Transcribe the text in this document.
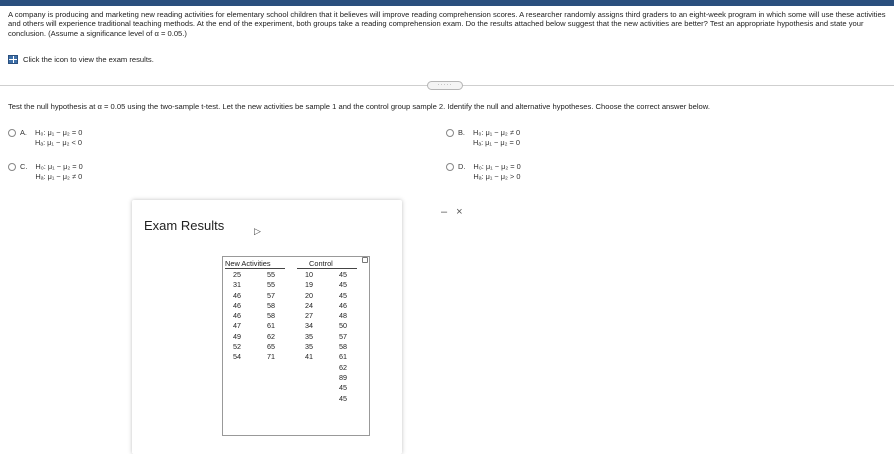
A company is producing and marketing new reading activities for elementary school children that it believes will improve reading comprehension scores. A researcher randomly assigns third graders to an eight-week program in which some will use these activities and others will experience traditional teaching methods. At the end of the experiment, both groups take a reading comprehension exam. Do the results attached below suggest that the new activities are better? Test an appropriate hypothesis and state your conclusion. (Assume a significance level of α = 0.05.)
Click the icon to view the exam results.
·····
Test the null hypothesis at α = 0.05 using the two-sample t-test. Let the new activities be sample 1 and the control group sample 2. Identify the null and alternative hypotheses. Choose the correct answer below.
A. H₀: μ₁ − μ₂ = 0
Hₐ: μ₁ − μ₂ < 0
B. H₀: μ₁ − μ₂ ≠ 0
Hₐ: μ₁ − μ₂ = 0
C. H₀: μ₁ − μ₂ = 0
Hₐ: μ₁ − μ₂ ≠ 0
D. H₀: μ₁ − μ₂ = 0
Hₐ: μ₁ − μ₂ > 0
– ×
Exam Results	▷
New Activities	Control
25
31
46
46
46
47
49
52
54
55
55
57
58
58
61
62
65
71
10
19
20
24
27
34
35
35
41
45
45
45
46
48
50
57
58
61
62
89
45
45
